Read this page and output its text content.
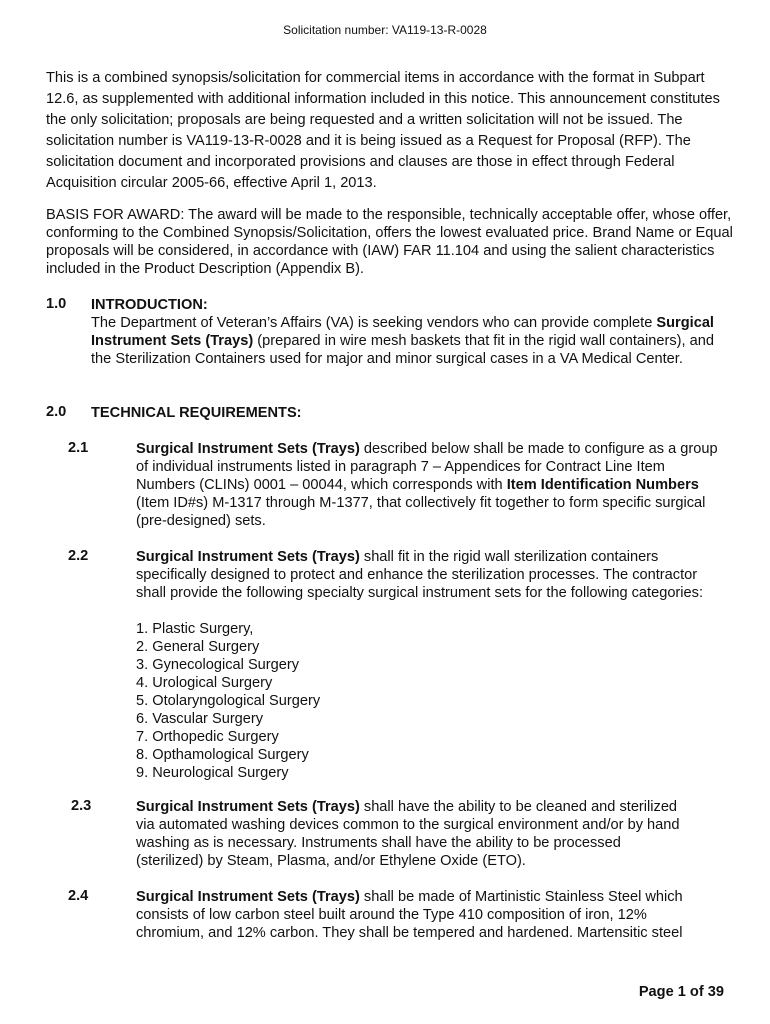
Solicitation number: VA119-13-R-0028
This is a combined synopsis/solicitation for commercial items in accordance with the format in Subpart 12.6, as supplemented with additional information included in this notice. This announcement constitutes the only solicitation; proposals are being requested and a written solicitation will not be issued. The solicitation number is VA119-13-R-0028 and it is being issued as a Request for Proposal (RFP). The solicitation document and incorporated provisions and clauses are those in effect through Federal Acquisition circular 2005-66, effective April 1, 2013.
BASIS FOR AWARD: The award will be made to the responsible, technically acceptable offer, whose offer, conforming to the Combined Synopsis/Solicitation, offers the lowest evaluated price. Brand Name or Equal proposals will be considered, in accordance with (IAW) FAR 11.104 and using the salient characteristics included in the Product Description (Appendix B).
1.0 INTRODUCTION:
The Department of Veteran’s Affairs (VA) is seeking vendors who can provide complete Surgical Instrument Sets (Trays) (prepared in wire mesh baskets that fit in the rigid wall containers), and the Sterilization Containers used for major and minor surgical cases in a VA Medical Center.
2.0 TECHNICAL REQUIREMENTS:
2.1	Surgical Instrument Sets (Trays) described below shall be made to configure as a group of individual instruments listed in paragraph 7 – Appendices for Contract Line Item Numbers (CLINs) 0001 – 00044, which corresponds with Item Identification Numbers (Item ID#s) M-1317 through M-1377, that collectively fit together to form specific surgical (pre-designed) sets.
2.2	Surgical Instrument Sets (Trays) shall fit in the rigid wall sterilization containers specifically designed to protect and enhance the sterilization processes. The contractor shall provide the following specialty surgical instrument sets for the following categories:
1. Plastic Surgery,
2. General Surgery
3. Gynecological Surgery
4. Urological Surgery
5. Otolaryngological Surgery
6. Vascular Surgery
7. Orthopedic Surgery
8. Opthamological Surgery
9. Neurological Surgery
2.3	Surgical Instrument Sets (Trays) shall have the ability to be cleaned and sterilized via automated washing devices common to the surgical environment and/or by hand washing as is necessary. Instruments shall have the ability to be processed (sterilized) by Steam, Plasma, and/or Ethylene Oxide (ETO).
2.4	Surgical Instrument Sets (Trays) shall be made of Martinistic Stainless Steel which consists of low carbon steel built around the Type 410 composition of iron, 12% chromium, and 12% carbon. They shall be tempered and hardened. Martensitic steel
Page 1 of 39
